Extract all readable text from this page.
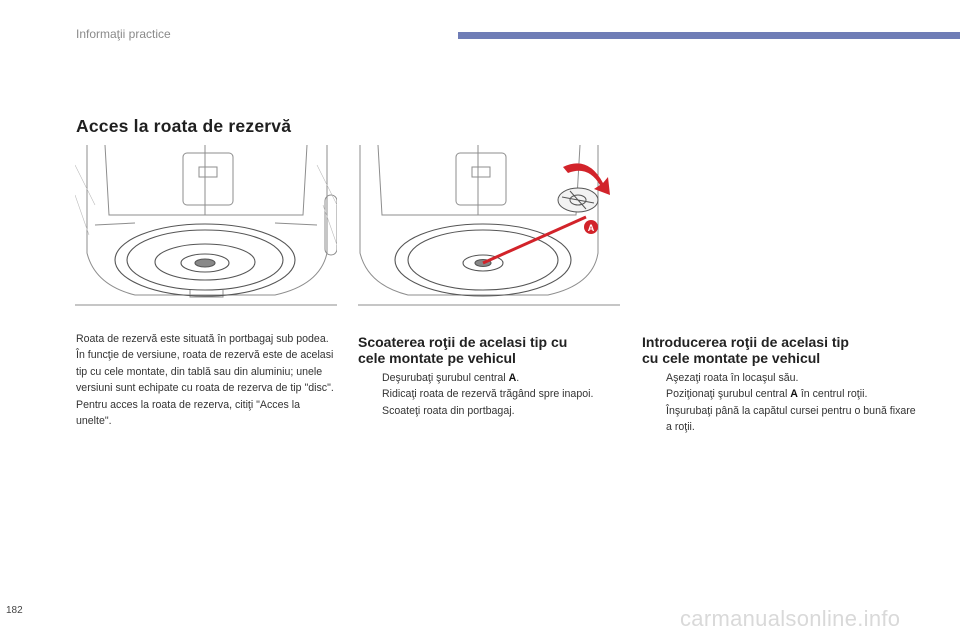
Informaţii practice
Acces la roata de rezervă
A

Roata de rezervă este situată în portbagaj sub podea.

În funcţie de versiune, roata de rezervă este de acelasi tip cu cele montate, din tablă sau din aluminiu; unele versiuni sunt echipate cu roata de rezerva de tip "disc".

Pentru acces la roata de rezerva, citiţi "Acces la unelte".

Scoaterea roţii de acelasi tip cu
cele montate pe vehicul
Deşurubaţi şurubul central A.
Ridicaţi roata de rezervă trăgând spre inapoi.
Scoateţi roata din portbagaj.
Introducerea roţii de acelasi tip
cu cele montate pe vehicul
Aşezaţi roata în locaşul său.
Poziţionaţi şurubul central A în centrul roţii.
Înşurubaţi până la capătul cursei pentru o bună fixare a roţii.
182	carmanualsonline.info
